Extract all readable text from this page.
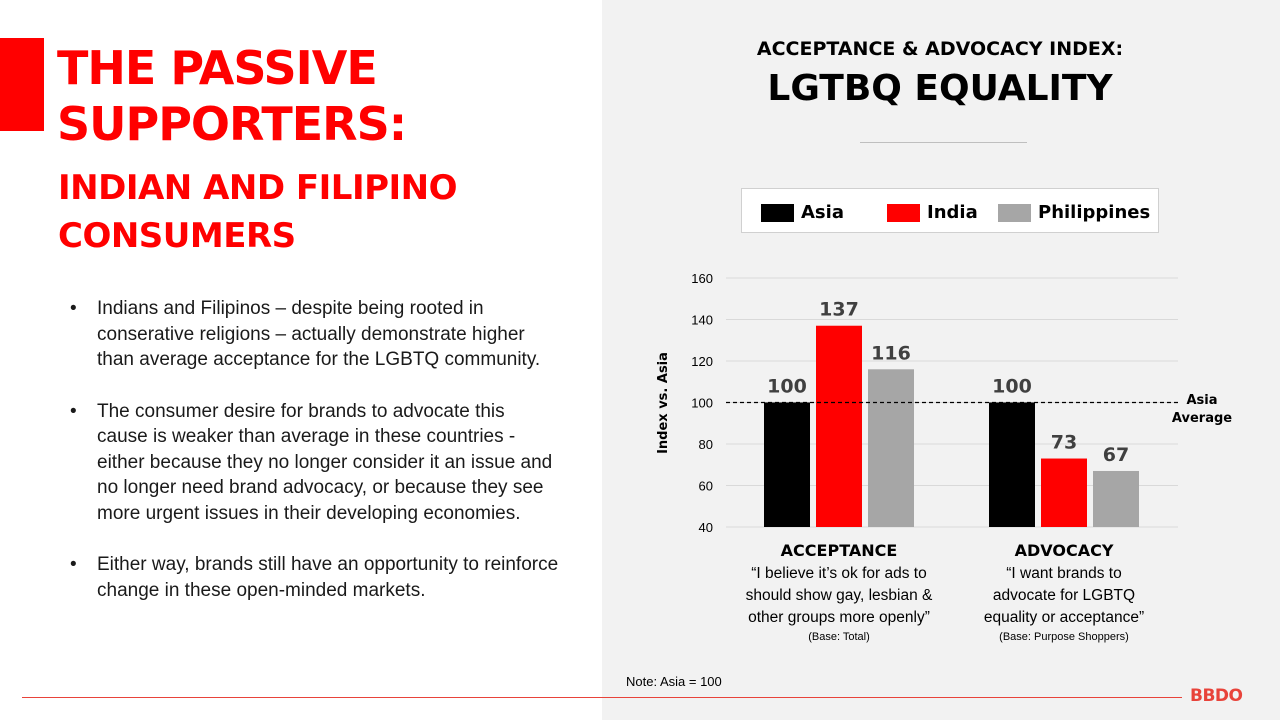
THE PASSIVE SUPPORTERS:
INDIAN AND FILIPINO CONSUMERS
• Indians and Filipinos – despite being rooted in conserative religions – actually demonstrate higher than average acceptance for the LGBTQ community.
• The consumer desire for brands to advocate this cause is weaker than average in these countries - either because they no longer consider it an issue and no longer need brand advocacy, or because they see more urgent issues in their developing economies.
• Either way, brands still have an opportunity to reinforce change in these open-minded markets.
ACCEPTANCE & ADVOCACY INDEX:
LGTBQ EQUALITY
Asia	India	Philippines
40
60
80
100
120
140
160
Index vs. Asia	100
137
116
ACCEPTANCE
“I believe it’s ok for ads to
should show gay, lesbian &
other groups more openly”
(Base: Total)
100
73
67
ADVOCACY
“I want brands to
advocate for LGBTQ
equality or acceptance”
(Base: Purpose Shoppers)
Asia
Average
Note: Asia = 100
BBDO
